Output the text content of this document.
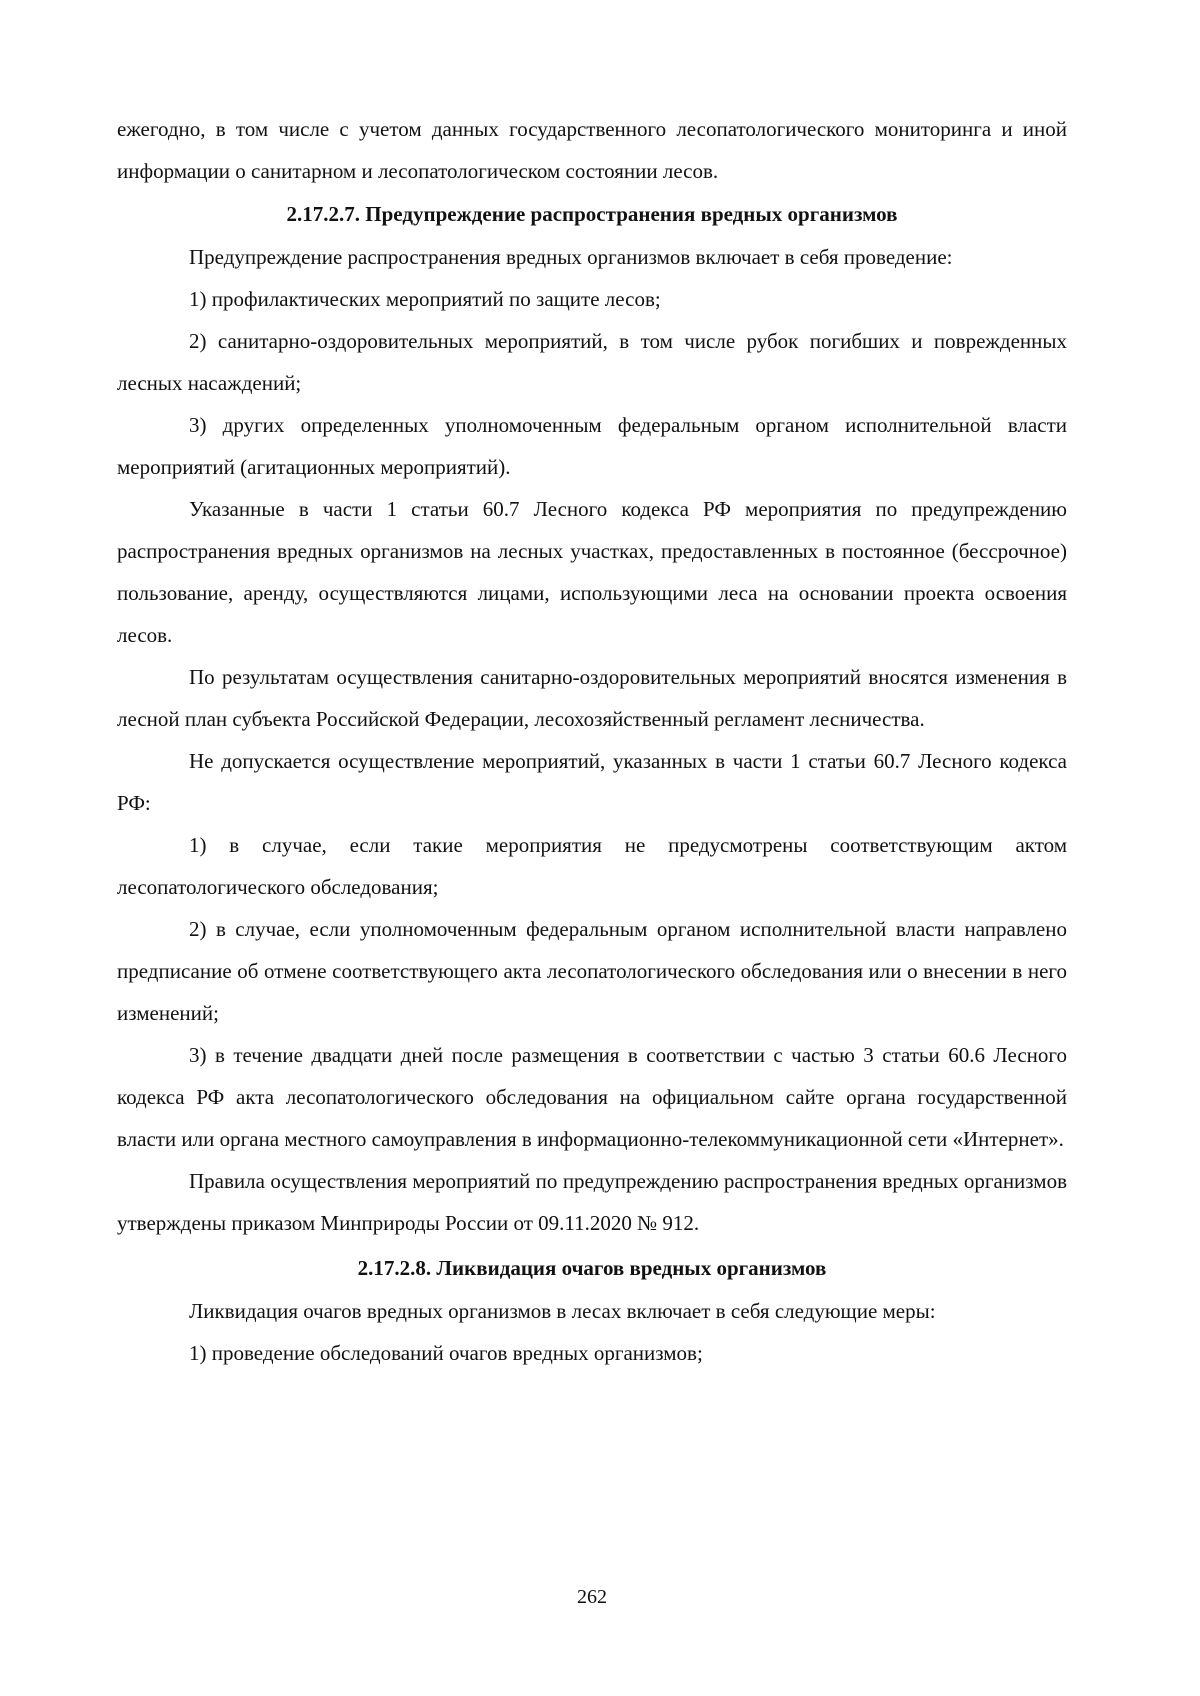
ежегодно, в том числе с учетом данных государственного лесопатологического мониторинга и иной информации о санитарном и лесопатологическом состоянии лесов.

2.17.2.7. Предупреждение распространения вредных организмов

Предупреждение распространения вредных организмов включает в себя проведение:

1) профилактических мероприятий по защите лесов;

2) санитарно-оздоровительных мероприятий, в том числе рубок погибших и поврежденных лесных насаждений;

3) других определенных уполномоченным федеральным органом исполнительной власти мероприятий (агитационных мероприятий).

Указанные в части 1 статьи 60.7 Лесного кодекса РФ мероприятия по предупреждению распространения вредных организмов на лесных участках, предоставленных в постоянное (бессрочное) пользование, аренду, осуществляются лицами, использующими леса на основании проекта освоения лесов.

По результатам осуществления санитарно-оздоровительных мероприятий вносятся изменения в лесной план субъекта Российской Федерации, лесохозяйственный регламент лесничества.

Не допускается осуществление мероприятий, указанных в части 1 статьи 60.7 Лесного кодекса РФ:

1) в случае, если такие мероприятия не предусмотрены соответствующим актом лесопатологического обследования;

2) в случае, если уполномоченным федеральным органом исполнительной власти направлено предписание об отмене соответствующего акта лесопатологического обследования или о внесении в него изменений;

3) в течение двадцати дней после размещения в соответствии с частью 3 статьи 60.6 Лесного кодекса РФ акта лесопатологического обследования на официальном сайте органа государственной власти или органа местного самоуправления в информационно-телекоммуникационной сети «Интернет».

Правила осуществления мероприятий по предупреждению распространения вредных организмов утверждены приказом Минприроды России от 09.11.2020 № 912.

2.17.2.8. Ликвидация очагов вредных организмов

Ликвидация очагов вредных организмов в лесах включает в себя следующие меры:

1) проведение обследований очагов вредных организмов;

262
